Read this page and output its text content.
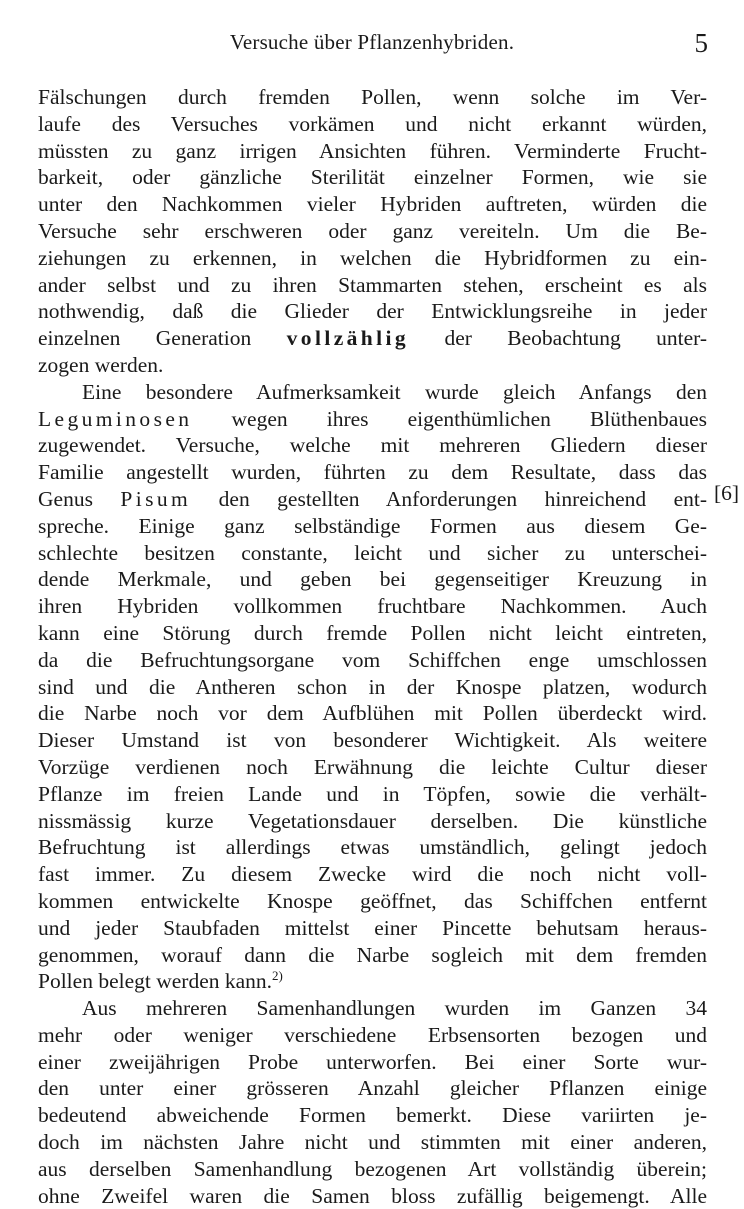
Versuche über Pflanzenhybriden.	5
[6]
Fälschungen durch fremden Pollen, wenn solche im Ver-
laufe des Versuches vorkämen und nicht erkannt würden,
müssten zu ganz irrigen Ansichten führen. Verminderte Frucht-
barkeit, oder gänzliche Sterilität einzelner Formen, wie sie
unter den Nachkommen vieler Hybriden auftreten, würden die
Versuche sehr erschweren oder ganz vereiteln. Um die Be-
ziehungen zu erkennen, in welchen die Hybridformen zu ein-
ander selbst und zu ihren Stammarten stehen, erscheint es als
nothwendig, daß die Glieder der Entwicklungsreihe in jeder
einzelnen Generation vollzählig der Beobachtung unter-
zogen werden.
Eine besondere Aufmerksamkeit wurde gleich Anfangs den
Leguminosen wegen ihres eigenthümlichen Blüthenbaues
zugewendet. Versuche, welche mit mehreren Gliedern dieser
Familie angestellt wurden, führten zu dem Resultate, dass das
Genus Pisum den gestellten Anforderungen hinreichend ent-
spreche. Einige ganz selbständige Formen aus diesem Ge-
schlechte besitzen constante, leicht und sicher zu unterschei-
dende Merkmale, und geben bei gegenseitiger Kreuzung in
ihren Hybriden vollkommen fruchtbare Nachkommen. Auch
kann eine Störung durch fremde Pollen nicht leicht eintreten,
da die Befruchtungsorgane vom Schiffchen enge umschlossen
sind und die Antheren schon in der Knospe platzen, wodurch
die Narbe noch vor dem Aufblühen mit Pollen überdeckt wird.
Dieser Umstand ist von besonderer Wichtigkeit. Als weitere
Vorzüge verdienen noch Erwähnung die leichte Cultur dieser
Pflanze im freien Lande und in Töpfen, sowie die verhält-
nissmässig kurze Vegetationsdauer derselben. Die künstliche
Befruchtung ist allerdings etwas umständlich, gelingt jedoch
fast immer. Zu diesem Zwecke wird die noch nicht voll-
kommen entwickelte Knospe geöffnet, das Schiffchen entfernt
und jeder Staubfaden mittelst einer Pincette behutsam heraus-
genommen, worauf dann die Narbe sogleich mit dem fremden
Pollen belegt werden kann.$^{2)}$
Aus mehreren Samenhandlungen wurden im Ganzen 34
mehr oder weniger verschiedene Erbsensorten bezogen und
einer zweijährigen Probe unterworfen. Bei einer Sorte wur-
den unter einer grösseren Anzahl gleicher Pflanzen einige
bedeutend abweichende Formen bemerkt. Diese variirten je-
doch im nächsten Jahre nicht und stimmten mit einer anderen,
aus derselben Samenhandlung bezogenen Art vollständig überein;
ohne Zweifel waren die Samen bloss zufällig beigemengt. Alle
